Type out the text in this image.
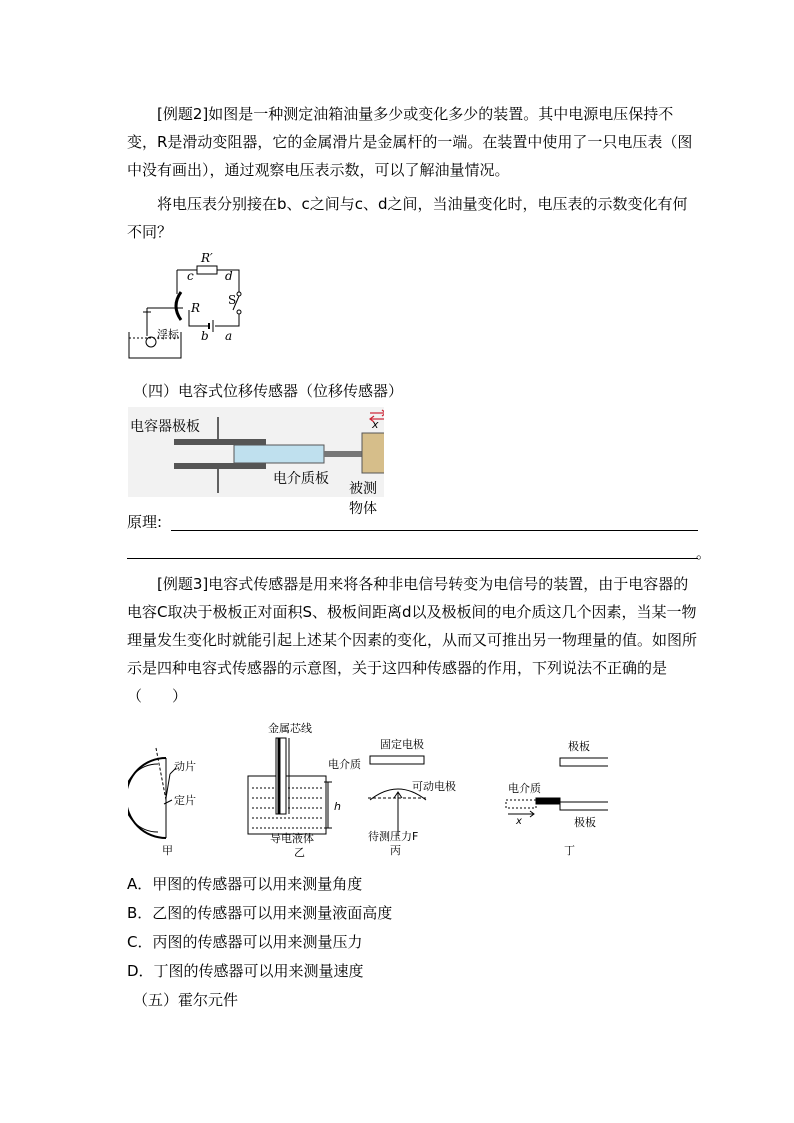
[例题2]如图是一种测定油箱油量多少或变化多少的装置。其中电源电压保持不变，R是滑动变阻器，它的金属滑片是金属杆的一端。在装置中使用了一只电压表（图中没有画出），通过观察电压表示数，可以了解油量情况。
将电压表分别接在b、c之间与c、d之间，当油量变化时，电压表的示数变化有何不同？
R′
c	d
S
R
b a
浮标
（四）电容式位移传感器（位移传感器）
电容器极板
电介质板
被测物体
x
原理:
。
[例题3]电容式传感器是用来将各种非电信号转变为电信号的装置，由于电容器的电容C取决于极板正对面积S、极板间距离d以及极板间的电介质这几个因素，当某一物理量发生变化时就能引起上述某个因素的变化，从而又可推出另一物理量的值。如图所示是四种电容式传感器的示意图，关于这四种传感器的作用，下列说法不正确的是（　　）
动片
定片
甲
金属芯线
电介质
h
导电液体
乙
固定电极
可动电极
待测压力F
丙
极板
电介质
x	极板
丁
A．甲图的传感器可以用来测量角度
B．乙图的传感器可以用来测量液面高度
C．丙图的传感器可以用来测量压力
D．丁图的传感器可以用来测量速度
（五）霍尔元件
